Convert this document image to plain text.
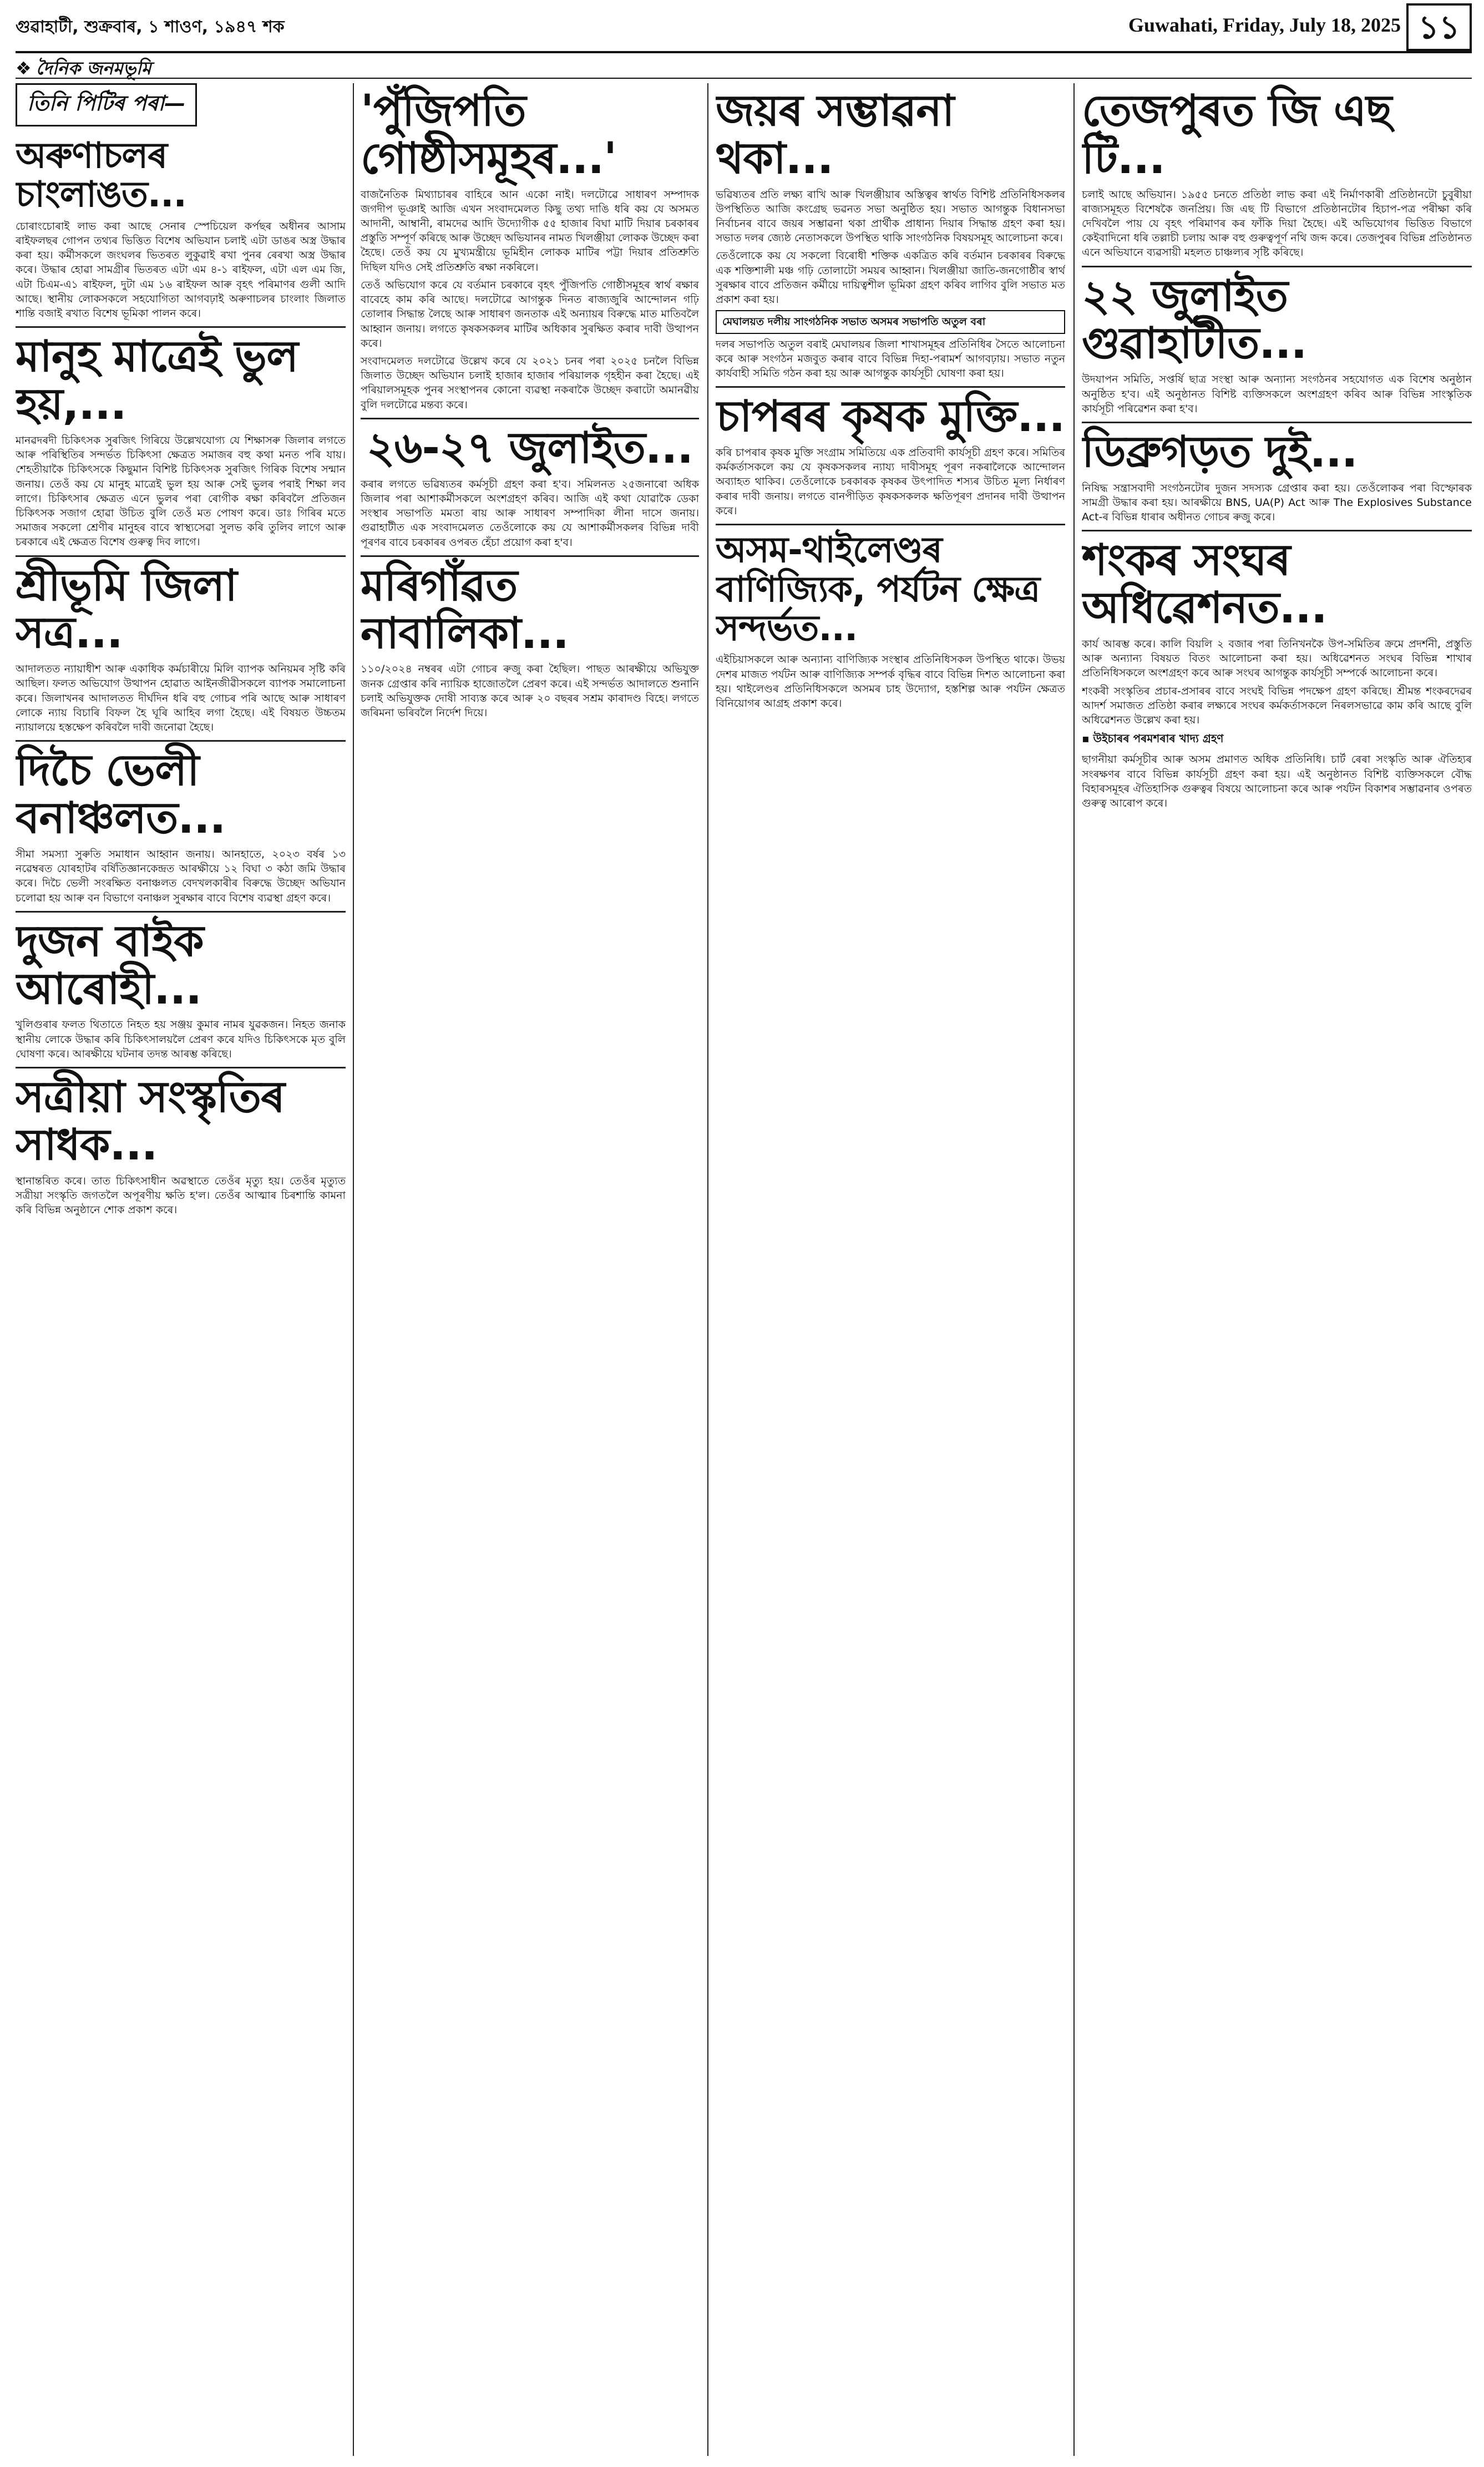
গুৱাহাটী, শুক্ৰবাৰ, ১ শাওণ, ১৯৪৭ শক	Guwahati, Friday, July 18, 2025 ১১
❖ দৈনিক জনমভূমি
তিনি পিটিৰ পৰা—
অৰুণাচলৰ চাংলাঙত...

চোৰাংচোৰাই লাভ কৰা আছে সেনাৰ স্পেচিয়েল কৰ্পছৰ অধীনৰ আসাম ৰাইফলছৰ গোপন তথ্যৰ ভিত্তিত বিশেষ অভিযান চলাই এটা ডাঙৰ অস্ত্ৰ উদ্ধাৰ কৰা হয়। কৰ্মীসকলে জংঘলৰ ভিতৰত লুকুৱাই ৰখা পুনৰ ৰেৰখা অস্ত্ৰ উদ্ধাৰ কৰে। উদ্ধাৰ হোৱা সামগ্ৰীৰ ভিতৰত এটা এম ৪-১ ৰাইফল, এটা এল এম জি, এটা চিএম-এ১ ৰাইফল, দুটা এম ১৬ ৰাইফল আৰু বৃহৎ পৰিমাণৰ গুলী আদি আছে। স্থানীয় লোকসকলে সহযোগিতা আগবঢ়াই অৰুণাচলৰ চাংলাং জিলাত শান্তি বজাই ৰখাত বিশেষ ভূমিকা পালন কৰে।

মানুহ মাত্ৰেই ভুল হয়,...

মানৱদৰদী চিকিৎসক সুৰজিৎ গিৰিয়ে উল্লেখযোগ্য যে শিক্ষাসৰু জিলাৰ লগতে আৰু পৰিস্থিতিৰ সন্দৰ্ভত চিকিৎসা ক্ষেত্ৰত সমাজৰ বহু কথা মনত পৰি যায়। শেহতীয়াকৈ চিকিৎসকে কিছুমান বিশিষ্ট চিকিৎসক সুৰজিৎ গিৰিক বিশেষ সন্মান জনায়। তেওঁ কয় যে মানুহ মাত্ৰেই ভুল হয় আৰু সেই ভুলৰ পৰাই শিক্ষা লব লাগে। চিকিৎসাৰ ক্ষেত্ৰত এনে ভুলৰ পৰা ৰোগীক ৰক্ষা কৰিবলৈ প্ৰতিজন চিকিৎসক সজাগ হোৱা উচিত বুলি তেওঁ মত পোষণ কৰে। ডাঃ গিৰিৰ মতে সমাজৰ সকলো শ্ৰেণীৰ মানুহৰ বাবে স্বাস্থ্যসেৱা সুলভ কৰি তুলিব লাগে আৰু চৰকাৰে এই ক্ষেত্ৰত বিশেষ গুৰুত্ব দিব লাগে।

শ্ৰীভূমি জিলা সত্ৰ...

আদালতত ন্যায়াধীশ আৰু একাধিক কৰ্মচাৰীয়ে মিলি ব্যাপক অনিয়মৰ সৃষ্টি কৰি আছিল। ফলত অভিযোগ উত্থাপন হোৱাত আইনজীৱীসকলে ব্যাপক সমালোচনা কৰে। জিলাখনৰ আদালতত দীৰ্ঘদিন ধৰি বহু গোচৰ পৰি আছে আৰু সাধাৰণ লোকে ন্যায় বিচাৰি বিফল হৈ ঘূৰি আহিব লগা হৈছে। এই বিষয়ত উচ্চতম ন্যায়ালয়ে হস্তক্ষেপ কৰিবলৈ দাবী জনোৱা হৈছে।

দিচৈ ভেলী বনাঞ্চলত...

সীমা সমস্যা সুৰুতি সমাধান আহ্বান জনায়। আনহাতে, ২০২৩ বৰ্ষৰ ১৩ নৱেম্বৰত যোৰহাটৰ বৰ্ষিতিজ্ঞানকেন্দ্ৰত আৰক্ষীয়ে ১২ বিঘা ৩ কঠা জমি উদ্ধাৰ কৰে। দিচৈ ভেলী সংৰক্ষিত বনাঞ্চলত বেদখলকাৰীৰ বিৰুদ্ধে উচ্ছেদ অভিযান চলোৱা হয় আৰু বন বিভাগে বনাঞ্চল সুৰক্ষাৰ বাবে বিশেষ ব্যৱস্থা গ্ৰহণ কৰে।

দুজন বাইক আৰোহী...

খুলিগুৰাৰ ফলত থিতাতে নিহত হয় সঞ্জয় কুমাৰ নামৰ যুৱকজন। নিহত জনাক স্থানীয় লোকে উদ্ধাৰ কৰি চিকিৎসালয়লৈ প্ৰেৰণ কৰে যদিও চিকিৎসকে মৃত বুলি ঘোষণা কৰে। আৰক্ষীয়ে ঘটনাৰ তদন্ত আৰম্ভ কৰিছে।

সত্ৰীয়া সংস্কৃতিৰ সাধক...

স্থানান্তৰিত কৰে। তাত চিকিৎসাধীন অৱস্থাতে তেওঁৰ মৃত্যু হয়। তেওঁৰ মৃত্যুত সত্ৰীয়া সংস্কৃতি জগতলৈ অপূৰণীয় ক্ষতি হ'ল। তেওঁৰ আত্মাৰ চিৰশান্তি কামনা কৰি বিভিন্ন অনুষ্ঠানে শোক প্ৰকাশ কৰে।

'পুঁজিপতি গোষ্ঠীসমূহৰ...'

বাজনৈতিক মিথ্যাচাৰৰ বাহিৰে আন একো নাই। দলটোৱে সাধাৰণ সম্পাদক জগদীপ ভূঞাই আজি এখন সংবাদমেলত কিছু তথ্য দাঙি ধৰি কয় যে অসমত আদানী, আম্বানী, ৰামদেৱ আদি উদ্যোগীক ৫৫ হাজাৰ বিঘা মাটি দিয়াৰ চৰকাৰৰ প্ৰস্তুতি সম্পূৰ্ণ কৰিছে আৰু উচ্ছেদ অভিযানৰ নামত খিলঞ্জীয়া লোকক উচ্ছেদ কৰা হৈছে। তেওঁ কয় যে মুখ্যমন্ত্ৰীয়ে ভূমিহীন লোকক মাটিৰ পট্টা দিয়াৰ প্ৰতিশ্ৰুতি দিছিল যদিও সেই প্ৰতিশ্ৰুতি ৰক্ষা নকৰিলে।

তেওঁ অভিযোগ কৰে যে বৰ্তমান চৰকাৰে বৃহৎ পুঁজিপতি গোষ্ঠীসমূহৰ স্বাৰ্থ ৰক্ষাৰ বাবেহে কাম কৰি আছে। দলটোৱে আগন্তুক দিনত ৰাজ্যজুৰি আন্দোলন গঢ়ি তোলাৰ সিদ্ধান্ত লৈছে আৰু সাধাৰণ জনতাক এই অন্যায়ৰ বিৰুদ্ধে মাত মাতিবলৈ আহ্বান জনায়। লগতে কৃষকসকলৰ মাটিৰ অধিকাৰ সুৰক্ষিত কৰাৰ দাবী উত্থাপন কৰে।

সংবাদমেলত দলটোৱে উল্লেখ কৰে যে ২০২১ চনৰ পৰা ২০২৫ চনলৈ বিভিন্ন জিলাত উচ্ছেদ অভিযান চলাই হাজাৰ হাজাৰ পৰিয়ালক গৃহহীন কৰা হৈছে। এই পৰিয়ালসমূহক পুনৰ সংস্থাপনৰ কোনো ব্যৱস্থা নকৰাকৈ উচ্ছেদ কৰাটো অমানৱীয় বুলি দলটোৱে মন্তব্য কৰে।

২৬-২৭ জুলাইত...

কৰাৰ লগতে ভৱিষ্যতৰ কৰ্মসূচী গ্ৰহণ কৰা হ'ব। সমিলনত ২৫জনাৰো অধিক জিলাৰ পৰা আশাকৰ্মীসকলে অংশগ্ৰহণ কৰিব। আজি এই কথা যোৱাকৈ ডেকা সংস্থাৰ সভাপতি মমতা ৰায় আৰু সাধাৰণ সম্পাদিকা লীনা দাসে জনায়। গুৱাহাটীত এক সংবাদমেলত তেওঁলোকে কয় যে আশাকৰ্মীসকলৰ বিভিন্ন দাবী পূৰণৰ বাবে চৰকাৰৰ ওপৰত হেঁচা প্ৰয়োগ কৰা হ'ব।

মৰিগাঁৱত নাবালিকা...

১১০/২০২৪ নম্বৰৰ এটা গোচৰ ৰুজু কৰা হৈছিল। পাছত আৰক্ষীয়ে অভিযুক্ত জনক গ্ৰেপ্তাৰ কৰি ন্যায়িক হাজোতলৈ প্ৰেৰণ কৰে। এই সন্দৰ্ভত আদালতে শুনানি চলাই অভিযুক্তক দোষী সাব্যস্ত কৰে আৰু ২০ বছৰৰ সশ্ৰম কাৰাদণ্ড বিহে। লগতে জৰিমনা ভৰিবলৈ নিৰ্দেশ দিয়ে।

জয়ৰ সম্ভাৱনা থকা...

ভৱিষ্যতৰ প্ৰতি লক্ষ্য ৰাখি আৰু খিলঞ্জীয়াৰ অস্তিত্বৰ স্বাৰ্থত বিশিষ্ট প্ৰতিনিধিসকলৰ উপস্থিতিত আজি কংগ্ৰেছ ভৱনত সভা অনুষ্ঠিত হয়। সভাত আগন্তুক বিধানসভা নিৰ্বাচনৰ বাবে জয়ৰ সম্ভাৱনা থকা প্ৰাৰ্থীক প্ৰাধান্য দিয়াৰ সিদ্ধান্ত গ্ৰহণ কৰা হয়। সভাত দলৰ জ্যেষ্ঠ নেতাসকলে উপস্থিত থাকি সাংগঠনিক বিষয়সমূহ আলোচনা কৰে।

তেওঁলোকে কয় যে সকলো বিৰোধী শক্তিক একত্ৰিত কৰি বৰ্তমান চৰকাৰৰ বিৰুদ্ধে এক শক্তিশালী মঞ্চ গঢ়ি তোলাটো সময়ৰ আহ্বান। খিলঞ্জীয়া জাতি-জনগোষ্ঠীৰ স্বাৰ্থ সুৰক্ষাৰ বাবে প্ৰতিজন কৰ্মীয়ে দায়িত্বশীল ভূমিকা গ্ৰহণ কৰিব লাগিব বুলি সভাত মত প্ৰকাশ কৰা হয়।

মেঘালয়ত দলীয় সাংগঠনিক সভাত অসমৰ সভাপতি অতুল বৰা

দলৰ সভাপতি অতুল বৰাই মেঘালয়ৰ জিলা শাখাসমূহৰ প্ৰতিনিধিৰ সৈতে আলোচনা কৰে আৰু সংগঠন মজবুত কৰাৰ বাবে বিভিন্ন দিহা-পৰামৰ্শ আগবঢ়ায়। সভাত নতুন কাৰ্যবাহী সমিতি গঠন কৰা হয় আৰু আগন্তুক কাৰ্যসূচী ঘোষণা কৰা হয়।

চাপৰৰ কৃষক মুক্তি...

কৰি চাপৰাৰ কৃষক মুক্তি সংগ্ৰাম সমিতিয়ে এক প্ৰতিবাদী কাৰ্যসূচী গ্ৰহণ কৰে। সমিতিৰ কৰ্মকৰ্তাসকলে কয় যে কৃষকসকলৰ ন্যায্য দাবীসমূহ পূৰণ নকৰালৈকে আন্দোলন অব্যাহত থাকিব। তেওঁলোকে চৰকাৰক কৃষকৰ উৎপাদিত শস্যৰ উচিত মূল্য নিৰ্ধাৰণ কৰাৰ দাবী জনায়। লগতে বানপীড়িত কৃষকসকলক ক্ষতিপূৰণ প্ৰদানৰ দাবী উত্থাপন কৰে।

অসম-থাইলেণ্ডৰ বাণিজ্যিক, পৰ্যটন ক্ষেত্ৰ সন্দৰ্ভত...

এইচিয়াসকলে আৰু অন্যান্য বাণিজ্যিক সংস্থাৰ প্ৰতিনিধিসকল উপস্থিত থাকে। উভয় দেশৰ মাজত পৰ্যটন আৰু বাণিজ্যিক সম্পৰ্ক বৃদ্ধিৰ বাবে বিভিন্ন দিশত আলোচনা কৰা হয়। থাইলেণ্ডৰ প্ৰতিনিধিসকলে অসমৰ চাহ উদ্যোগ, হস্তশিল্প আৰু পৰ্যটন ক্ষেত্ৰত বিনিয়োগৰ আগ্ৰহ প্ৰকাশ কৰে।

তেজপুৰত জি এছ টি...

চলাই আছে অভিযান। ১৯৫৫ চনতে প্ৰতিষ্ঠা লাভ কৰা এই নিৰ্মাণকাৰী প্ৰতিষ্ঠানটো চুবুৰীয়া ৰাজ্যসমূহত বিশেষকৈ জনপ্ৰিয়। জি এছ টি বিভাগে প্ৰতিষ্ঠানটোৰ হিচাপ-পত্ৰ পৰীক্ষা কৰি দেখিবলৈ পায় যে বৃহৎ পৰিমাণৰ কৰ ফাঁকি দিয়া হৈছে। এই অভিযোগৰ ভিত্তিত বিভাগে কেইবাদিনো ধৰি তল্লাচী চলায় আৰু বহু গুৰুত্বপূৰ্ণ নথি জব্দ কৰে। তেজপুৰৰ বিভিন্ন প্ৰতিষ্ঠানত এনে অভিযানে ব্যৱসায়ী মহলত চাঞ্চল্যৰ সৃষ্টি কৰিছে।

২২ জুলাইত গুৱাহাটীত...

উদযাপন সমিতি, সপ্তৰ্ষি ছাত্ৰ সংস্থা আৰু অন্যান্য সংগঠনৰ সহযোগত এক বিশেষ অনুষ্ঠান অনুষ্ঠিত হ'ব। এই অনুষ্ঠানত বিশিষ্ট ব্যক্তিসকলে অংশগ্ৰহণ কৰিব আৰু বিভিন্ন সাংস্কৃতিক কাৰ্যসূচী পৰিৱেশন কৰা হ'ব।

ডিব্ৰুগড়ত দুই...

নিষিদ্ধ সন্ত্ৰাসবাদী সংগঠনটোৰ দুজন সদস্যক গ্ৰেপ্তাৰ কৰা হয়। তেওঁলোকৰ পৰা বিস্ফোৰক সামগ্ৰী উদ্ধাৰ কৰা হয়। আৰক্ষীয়ে BNS, UA(P) Act আৰু The Explosives Substance Act-ৰ বিভিন্ন ধাৰাৰ অধীনত গোচৰ ৰুজু কৰে।

শংকৰ সংঘৰ অধিৱেশনত...

কাৰ্য আৰম্ভ কৰে। কালি বিয়লি ২ বজাৰ পৰা তিনিখনকৈ উপ-সমিতিৰ ক্ৰমে প্ৰদৰ্শনী, প্ৰস্তুতি আৰু অন্যান্য বিষয়ত বিতং আলোচনা কৰা হয়। অধিৱেশনত সংঘৰ বিভিন্ন শাখাৰ প্ৰতিনিধিসকলে অংশগ্ৰহণ কৰে আৰু সংঘৰ আগন্তুক কাৰ্যসূচী সম্পৰ্কে আলোচনা কৰে।

শংকৰী সংস্কৃতিৰ প্ৰচাৰ-প্ৰসাৰৰ বাবে সংঘই বিভিন্ন পদক্ষেপ গ্ৰহণ কৰিছে। শ্ৰীমন্ত শংকৰদেৱৰ আদৰ্শ সমাজত প্ৰতিষ্ঠা কৰাৰ লক্ষ্যৰে সংঘৰ কৰ্মকৰ্তাসকলে নিৰলসভাৱে কাম কৰি আছে বুলি অধিৱেশনত উল্লেখ কৰা হয়।

▪ উইচাৰৰ পৰমশৰাৰ খাদ্য গ্ৰহণ

ছাগনীয়া কৰ্মসূচীৰ আৰু অসম প্ৰমাণত অধিক প্ৰতিনিধি। চাৰ্ট ৰেৰা সংস্কৃতি আৰু ঐতিহ্যৰ সংৰক্ষণৰ বাবে বিভিন্ন কাৰ্যসূচী গ্ৰহণ কৰা হয়। এই অনুষ্ঠানত বিশিষ্ট ব্যক্তিসকলে বৌদ্ধ বিহাৰসমূহৰ ঐতিহাসিক গুৰুত্বৰ বিষয়ে আলোচনা কৰে আৰু পৰ্যটন বিকাশৰ সম্ভাৱনাৰ ওপৰত গুৰুত্ব আৰোপ কৰে।
